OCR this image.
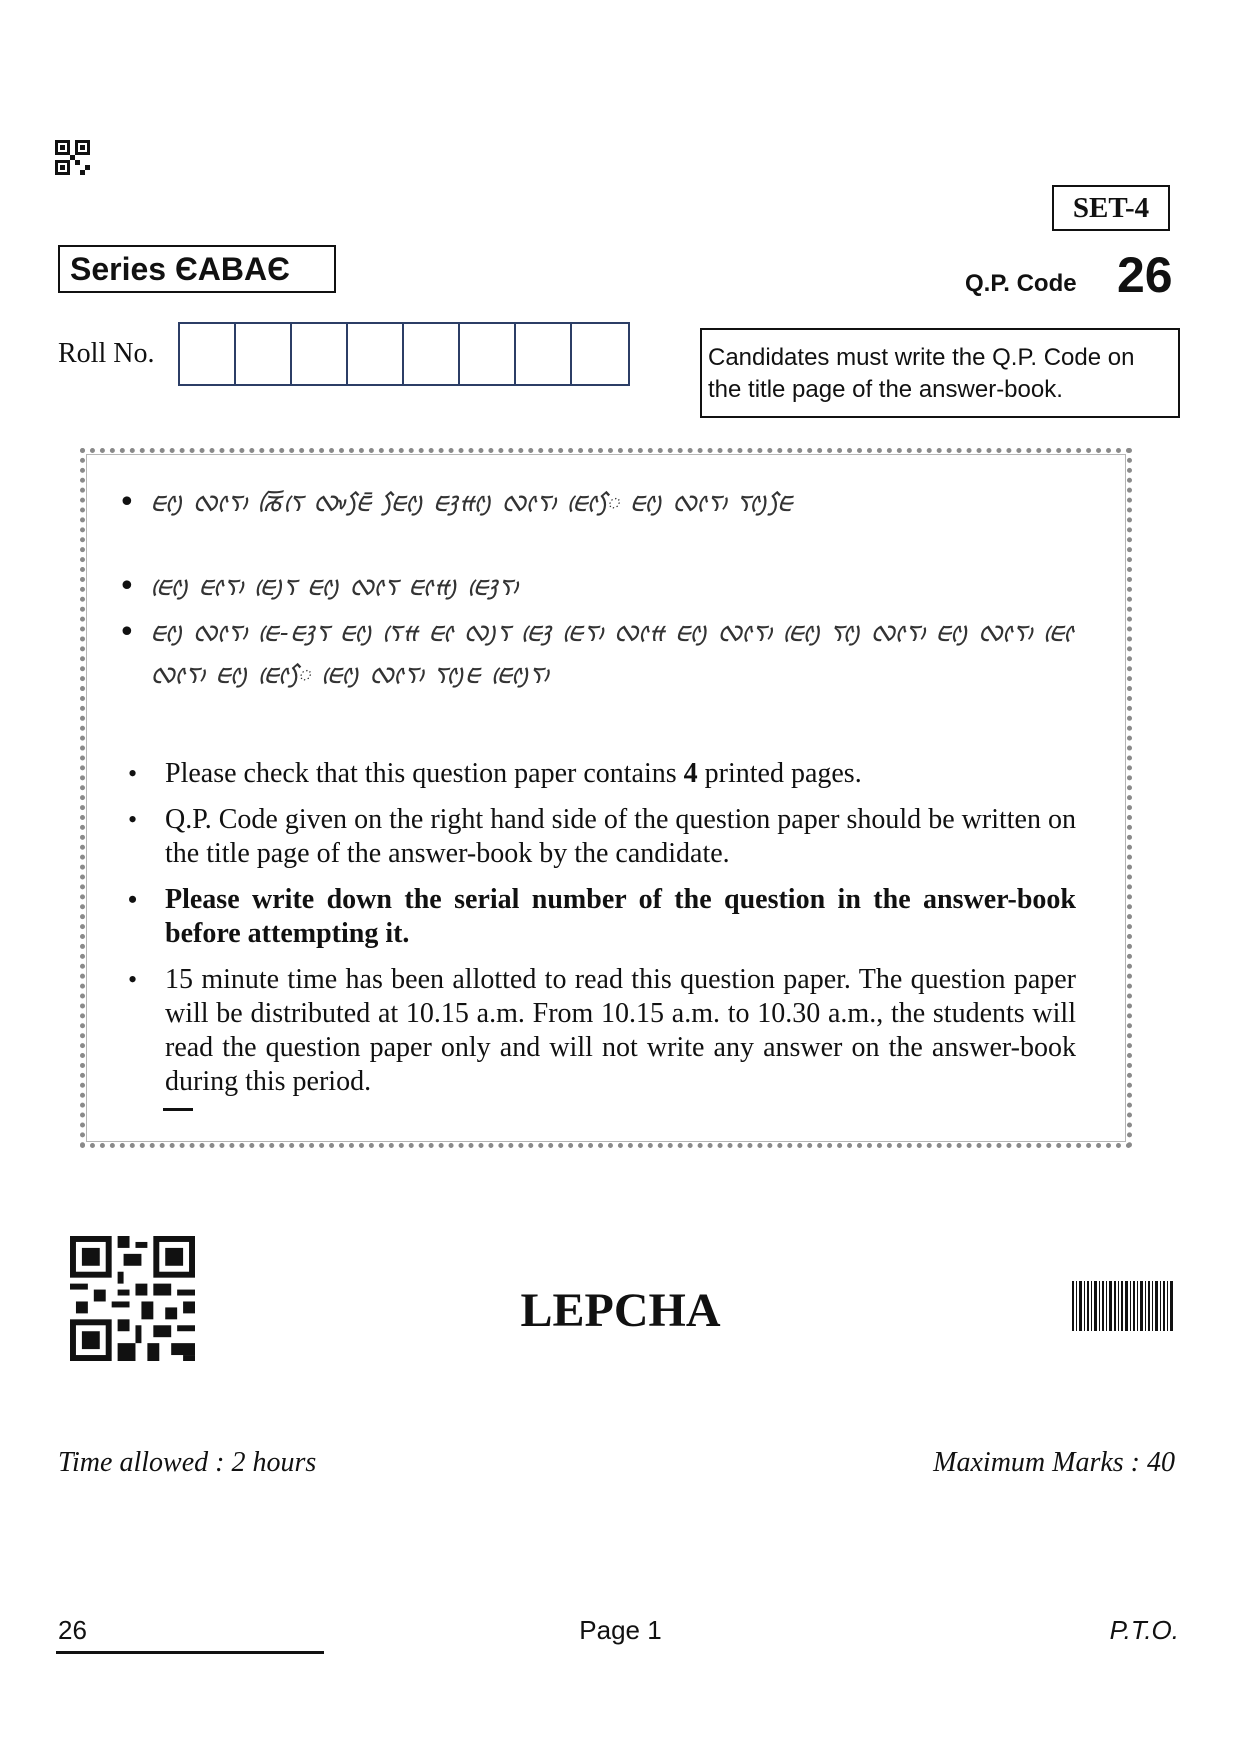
SET-4
Series ЄABAЄ	Q.P. Code 26
Roll No.	Candidates must write the Q.P. Code on the title page of the answer-book.
• ᰀᰦᰪ ᰜᰦᰛᰥ ᰕᰩᰛᰨ ᰜᰤᰀᰧᰳ ᰀᰧᰦᰪ ᰀᰫᰙᰦᰪ ᰜᰦᰛᰥ ᰀᰨᰦᰧ ᰀᰦᰪ ᰜᰦᰛᰥ ᰛᰦᰪᰀᰧ
• ᰀᰨᰦᰪ ᰀᰦᰛᰥ ᰀᰨᰪᰛ ᰀᰦᰪ ᰜᰦᰛ ᰀᰦᰙᰪ ᰀᰨᰫᰛᰥ
• ᰀᰦᰪ ᰜᰦᰛᰥ ᰀᰨ-ᰀᰫᰛ ᰀᰦᰪ ᰛᰨᰙ ᰀᰦ ᰜᰪᰛ ᰀᰨᰫ ᰀᰨᰛᰥ ᰜᰦᰙ ᰀᰦᰪ ᰜᰦᰛᰥ ᰀᰨᰦᰪ ᰛᰦᰪ ᰜᰦᰛᰥ ᰀᰦᰪ ᰜᰦᰛᰥ ᰀᰨᰦ ᰜᰦᰛᰥ ᰀᰦᰪ ᰀᰨᰦᰧ ᰀᰨᰦᰪ ᰜᰦᰛᰥ ᰛᰦᰪᰀ ᰀᰨᰦᰪᰛᰥ
• Please check that this question paper contains 4 printed pages.
• Q.P. Code given on the right hand side of the question paper should be written on the title page of the answer-book by the candidate.
• Please write down the serial number of the question in the answer-book before attempting it.
• 15 minute time has been allotted to read this question paper. The question paper will be distributed at 10.15 a.m. From 10.15 a.m. to 10.30 a.m., the students will read the question paper only and will not write any answer on the answer-book during this period.
LEPCHA
Time allowed : 2 hours	Maximum Marks : 40
26	Page 1	P.T.O.
